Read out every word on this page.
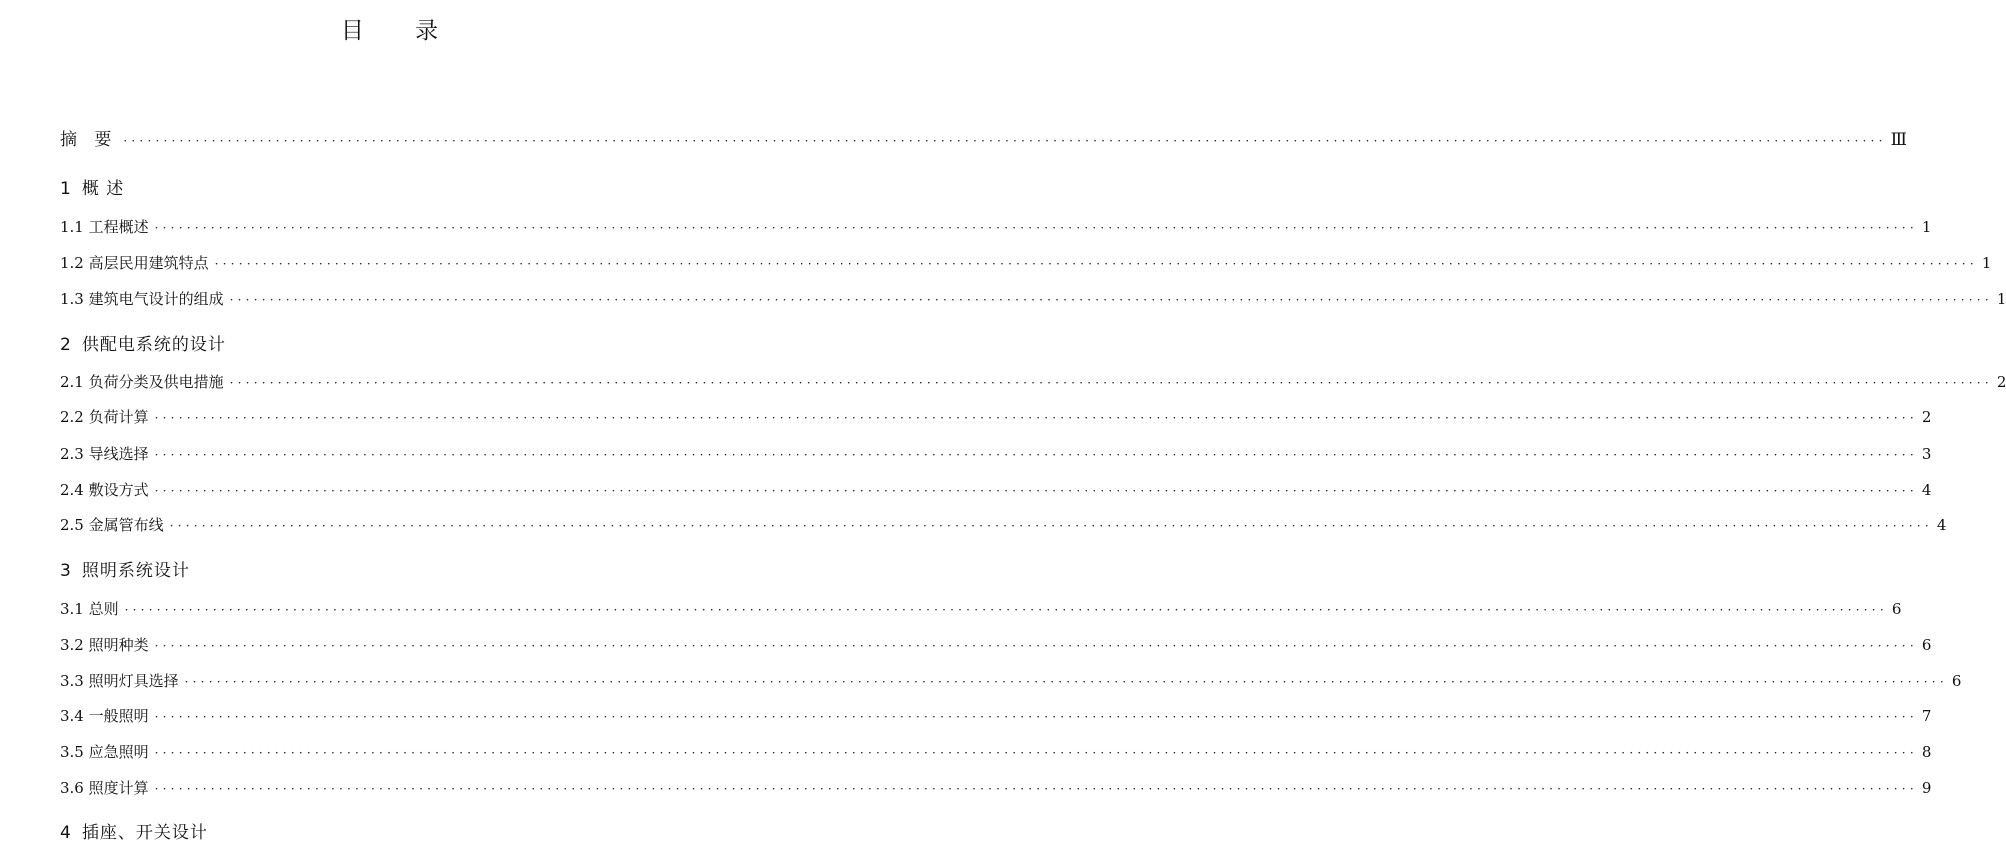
目 录
摘 要 ···························································································································································································································· Ⅲ
1 概 述
1.1 工程概述 ···························································································································································································································· 1
1.2 高层民用建筑特点 ···························································································································································································································· 1
1.3 建筑电气设计的组成 ···························································································································································································································· 1
2 供配电系统的设计
2.1 负荷分类及供电措施 ···························································································································································································································· 2
2.2 负荷计算 ···························································································································································································································· 2
2.3 导线选择 ···························································································································································································································· 3
2.4 敷设方式 ···························································································································································································································· 4
2.5 金属管布线 ···························································································································································································································· 4
3 照明系统设计
3.1 总则 ···························································································································································································································· 6
3.2 照明种类 ···························································································································································································································· 6
3.3 照明灯具选择 ···························································································································································································································· 6
3.4 一般照明 ···························································································································································································································· 7
3.5 应急照明 ···························································································································································································································· 8
3.6 照度计算 ···························································································································································································································· 9
4 插座、开关设计
